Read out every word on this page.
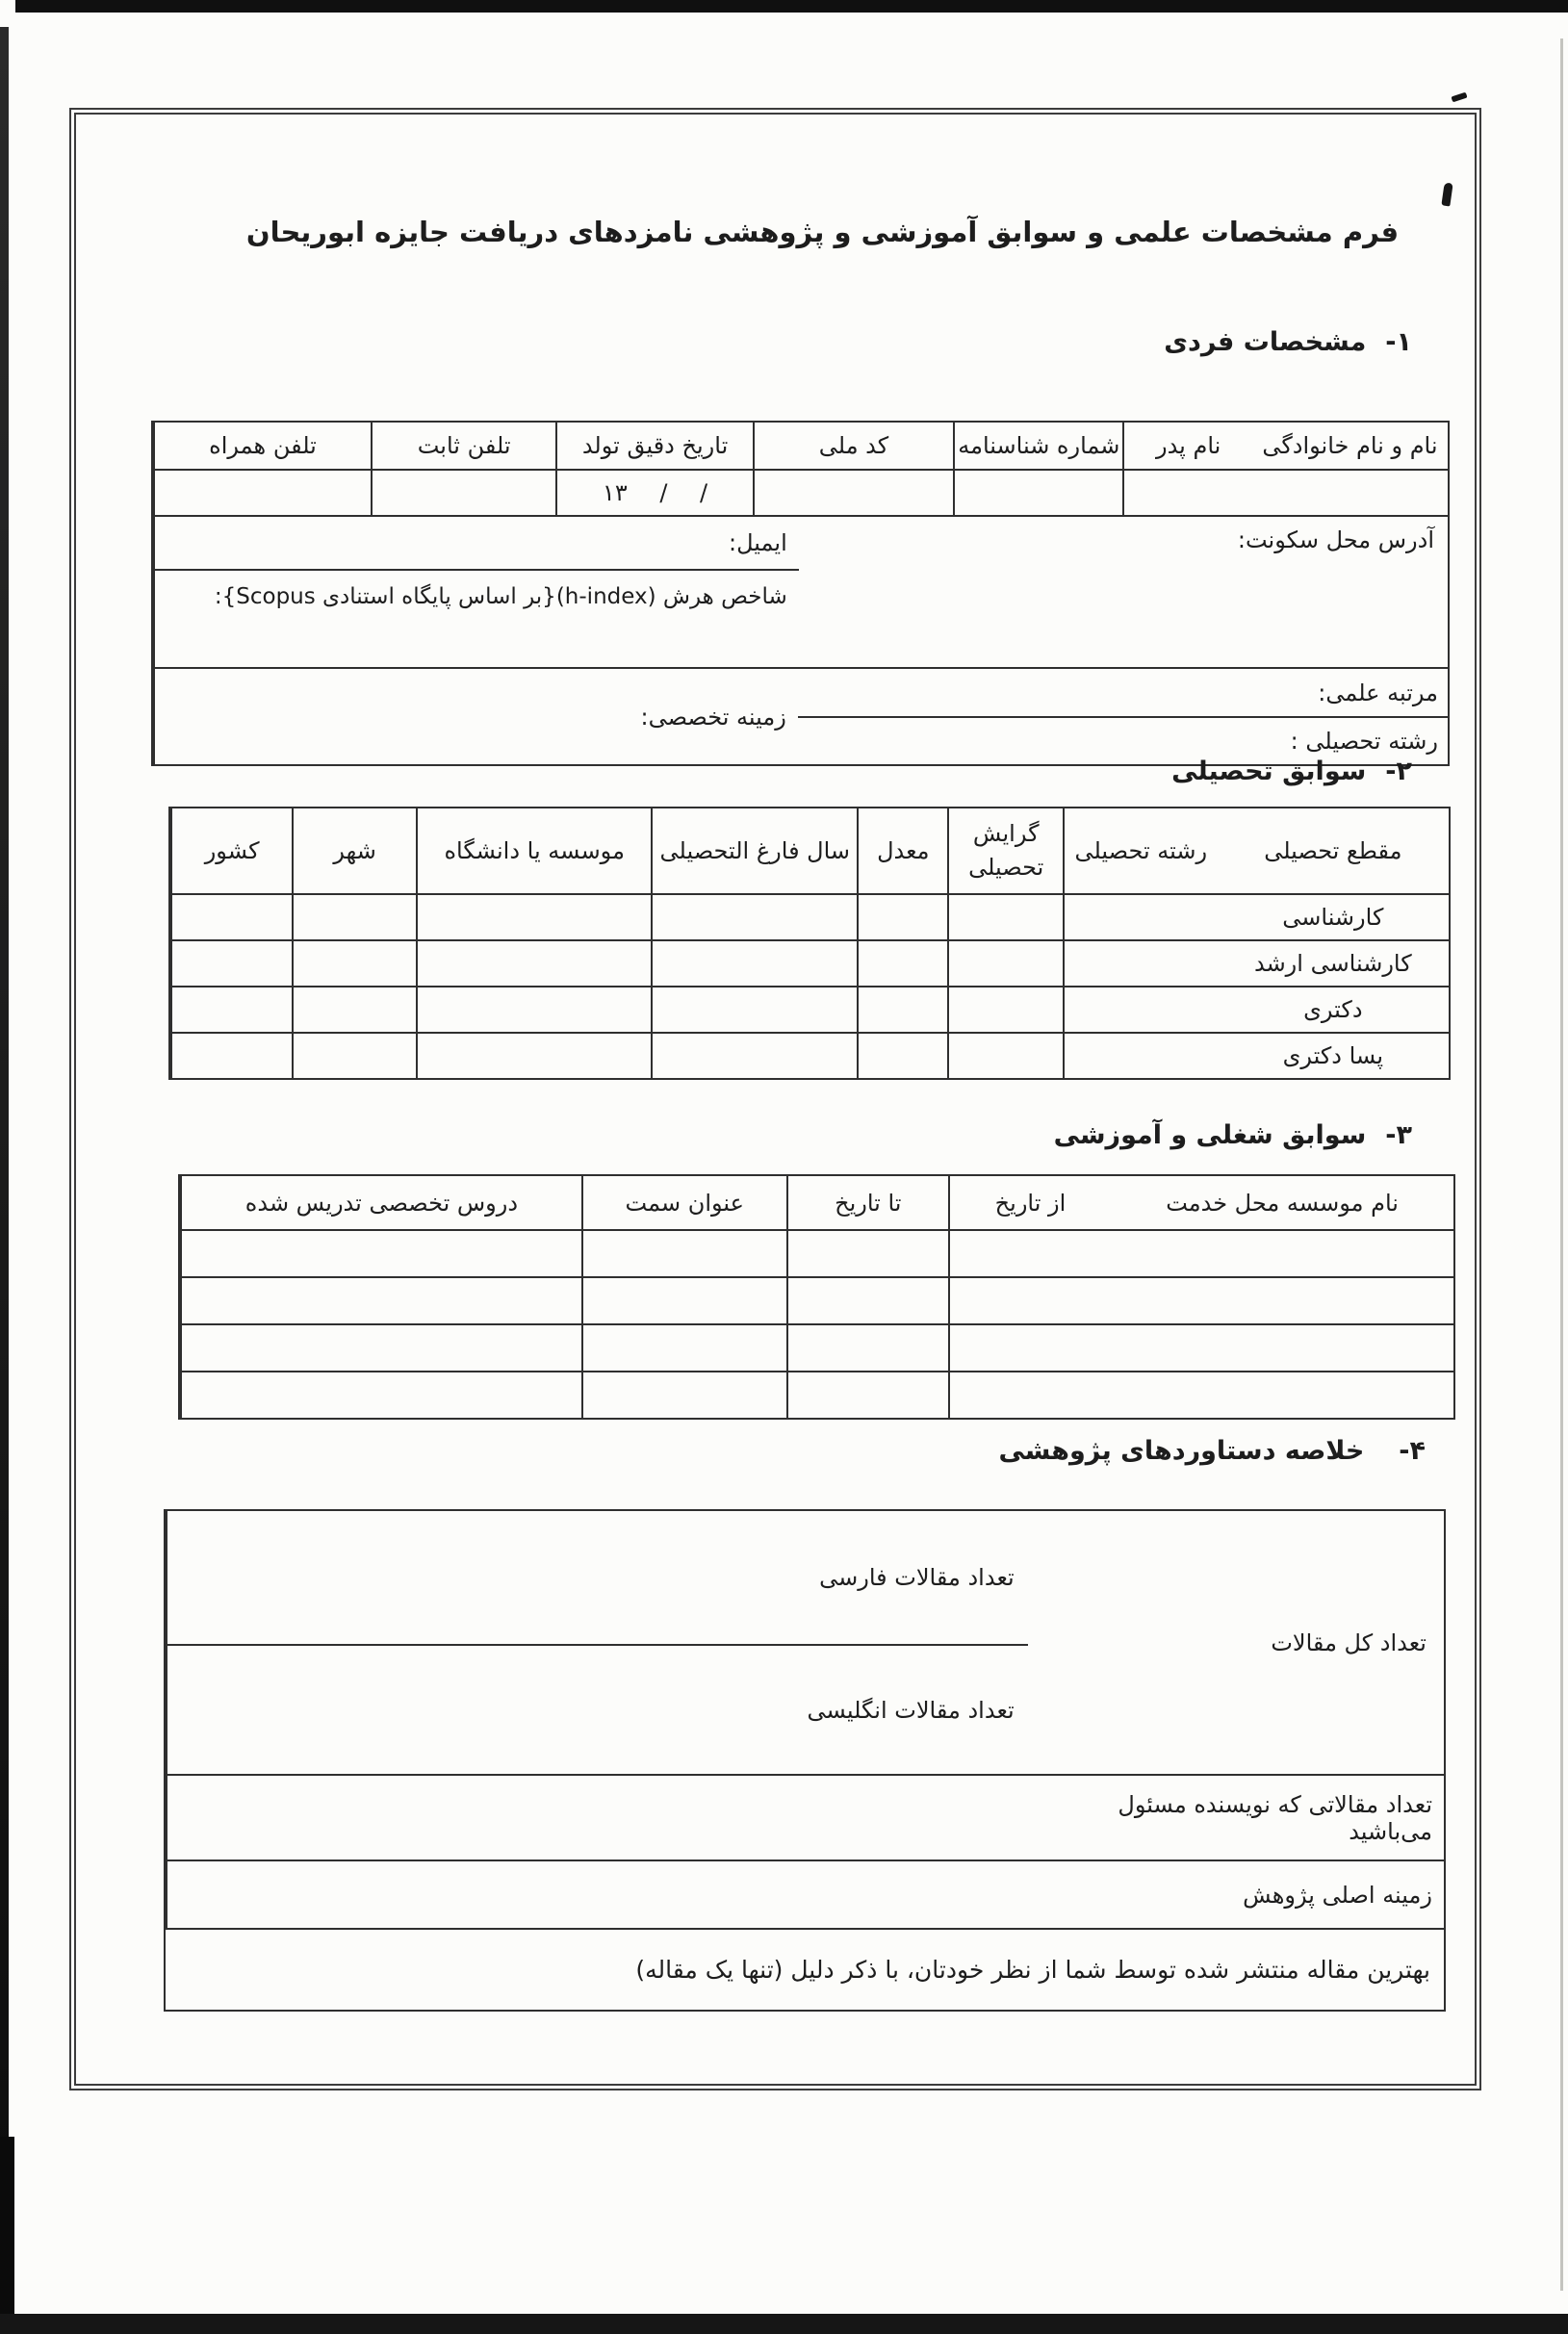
فرم مشخصات علمی و سوابق آموزشی و پژوهشی نامزدهای دریافت جایزه ابوریحان
۱-مشخصات فردی
نام و نام خانوادگی
نام پدر
شماره شناسنامه
کد ملی
تاریخ دقیق تولد
تلفن ثابت
تلفن همراه
۱۳ / /
آدرس محل سکونت:
ایمیل:
شاخص هرش (h-index){بر اساس پایگاه استنادی Scopus}:
مرتبه علمی:
رشته تحصیلی :
زمینه تخصصی:
۲-سوابق تحصیلی
مقطع تحصیلی
رشته تحصیلی
گرایش تحصیلی
معدل
سال فارغ التحصیلی
موسسه یا دانشگاه
شهر
کشور
کارشناسی
کارشناسی ارشد
دکتری
پسا دکتری
۳-سوابق شغلی و آموزشی
نام موسسه محل خدمت
از تاریخ
تا تاریخ
عنوان سمت
دروس تخصصی تدریس شده
۴-خلاصه دستاوردهای پژوهشی
تعداد کل مقالات
تعداد مقالات فارسی
تعداد مقالات انگلیسی
تعداد مقالاتی که نویسنده مسئول می‌باشید
زمینه اصلی پژوهش
بهترین مقاله منتشر شده توسط شما از نظر خودتان، با ذکر دلیل (تنها یک مقاله)
